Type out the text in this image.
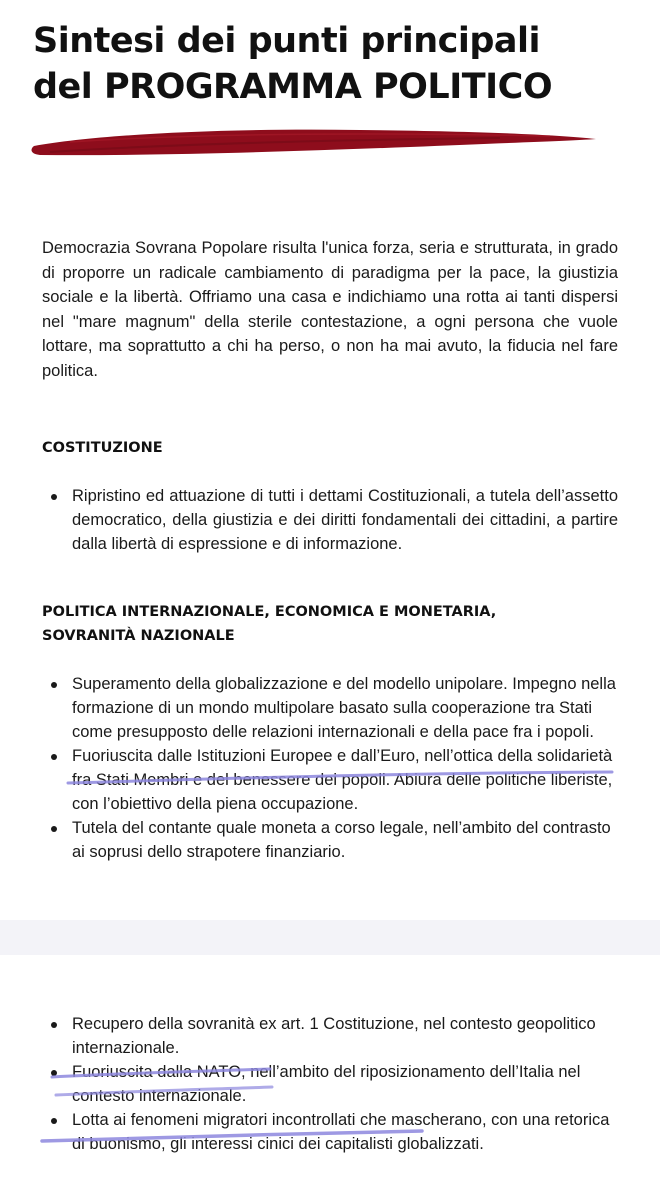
Sintesi dei punti principali
del PROGRAMMA POLITICO
Democrazia Sovrana Popolare risulta l'unica forza, seria e strutturata, in grado di proporre un radicale cambiamento di paradigma per la pace, la giustizia sociale e la libertà. Offriamo una casa e indichiamo una rotta ai tanti dispersi nel "mare magnum" della sterile contestazione, a ogni persona che vuole lottare, ma soprattutto a chi ha perso, o non ha mai avuto, la fiducia nel fare politica.
COSTITUZIONE
Ripristino ed attuazione di tutti i dettami Costituzionali, a tutela dell’assetto democratico, della giustizia e dei diritti fondamentali dei cittadini, a partire dalla libertà di espressione e di informazione.
POLITICA INTERNAZIONALE, ECONOMICA E MONETARIA,
SOVRANITÀ NAZIONALE
Superamento della globalizzazione e del modello unipolare. Impegno nella formazione di un mondo multipolare basato sulla cooperazione tra Stati come presupposto delle relazioni internazionali e della pace fra i popoli.
Fuoriuscita dalle Istituzioni Europee e dall’Euro, nell’ottica della solidarietà fra Stati Membri e del benessere dei popoli. Abiura delle politiche liberiste, con l’obiettivo della piena occupazione.
Tutela del contante quale moneta a corso legale, nell’ambito del contrasto ai soprusi dello strapotere finanziario.
Recupero della sovranità ex art. 1 Costituzione, nel contesto geopolitico internazionale.
Fuoriuscita dalla NATO, nell’ambito del riposizionamento dell’Italia nel contesto internazionale.
Lotta ai fenomeni migratori incontrollati che mascherano, con una retorica di buonismo, gli interessi cinici dei capitalisti globalizzati.
